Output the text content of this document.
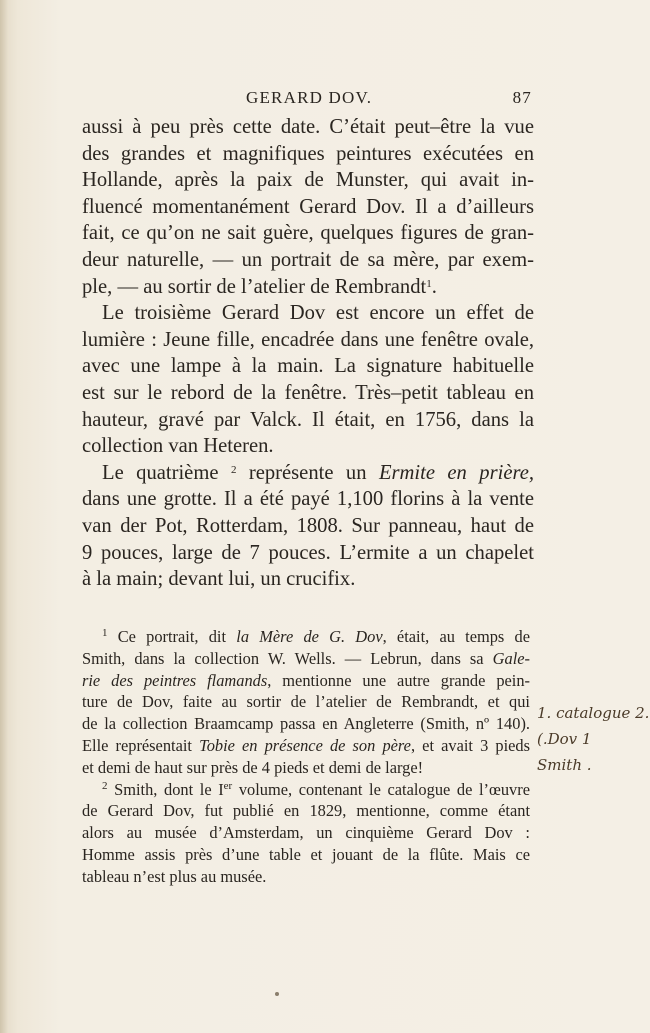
GERARD DOV.	87
aussi à peu près cette date. C’était peut–être la vue
des grandes et magnifiques peintures exécutées en
Hollande, après la paix de Munster, qui avait in-
fluencé momentanément Gerard Dov. Il a d’ailleurs
fait, ce qu’on ne sait guère, quelques figures de gran-
deur naturelle, — un portrait de sa mère, par exem-
ple, — au sortir de l’atelier de Rembrandt$^1$.
Le troisième Gerard Dov est encore un effet de
lumière : Jeune fille, encadrée dans une fenêtre ovale,
avec une lampe à la main. La signature habituelle
est sur le rebord de la fenêtre. Très–petit tableau en
hauteur, gravé par Valck. Il était, en 1756, dans la
collection van Heteren.
Le quatrième $^2$ représente un Ermite en prière,
dans une grotte. Il a été payé 1,100 florins à la vente
van der Pot, Rotterdam, 1808. Sur panneau, haut de
9 pouces, large de 7 pouces. L’ermite a un chapelet
à la main; devant lui, un crucifix.
$^1$ Ce portrait, dit la Mère de G. Dov, était, au temps de
Smith, dans la collection W. Wells. — Lebrun, dans sa Gale-
rie des peintres flamands, mentionne une autre grande pein-
ture de Dov, faite au sortir de l’atelier de Rembrandt, et qui
de la collection Braamcamp passa en Angleterre (Smith, nº 140).
Elle représentait Tobie en présence de son père, et avait 3 pieds
et demi de haut sur près de 4 pieds et demi de large!
$^2$ Smith, dont le Ier volume, contenant le catalogue de l’œuvre
de Gerard Dov, fut publié en 1829, mentionne, comme étant
alors au musée d’Amsterdam, un cinquième Gerard Dov :
Homme assis près d’une table et jouant de la flûte. Mais ce
tableau n’est plus au musée.
1. catalogue 2.
(.Dov 1
Smith .
